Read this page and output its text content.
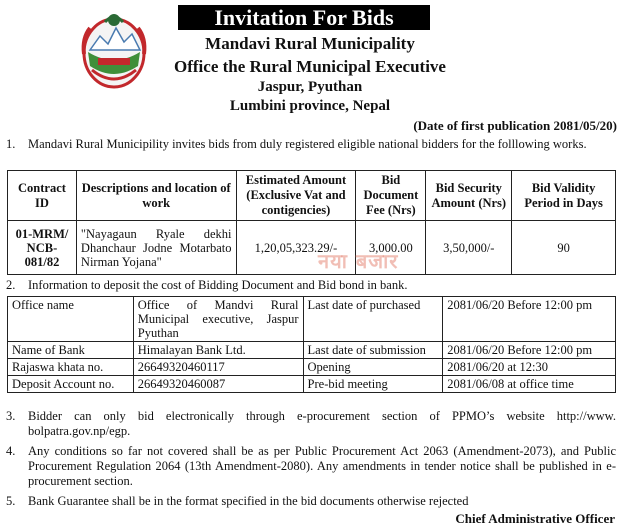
Invitation For Bids
Mandavi Rural Municipality
Office the Rural Municipal Executive
Jaspur, Pyuthan
Lumbini province, Nepal
(Date of first publication 2081/05/20)
1. Mandavi Rural Municipility invites bids from duly registered eligible national bidders for the folllowing works.
Contract ID	Descriptions and location of work	Estimated Amount (Exclusive Vat and contigencies)	Bid Document Fee (Nrs)	Bid Security Amount (Nrs)	Bid Validity Period in Days
01-MRM/ NCB-081/82	"Nayagaun Ryale dekhi Dhanchaur Jodne Motarbato Nirman Yojana"	1,20,05,323.29/-	3,000.00	3,50,000/-	90
नया बजार
2. Information to deposit the cost of Bidding Document and Bid bond in bank.
Office name	Office of Mandvi Rural Municipal executive, Jaspur Pyuthan	Last date of purchased	2081/06/20 Before 12:00 pm
Name of Bank	Himalayan Bank Ltd.	Last date of submission	2081/06/20 Before 12:00 pm
Rajaswa khata no.	26649320460117	Opening	2081/06/20 at 12:30
Deposit Account no.	26649320460087	Pre-bid meeting	2081/06/08 at office time
3. Bidder can only bid electronically through e-procurement section of PPMO’s website http://www. bolpatra.gov.np/egp.
4. Any conditions so far not covered shall be as per Public Procurement Act 2063 (Amendment-2073), and Public Procurement Regulation 2064 (13th Amendment-2080). Any amendments in tender notice shall be published in e-procurement section.
5. Bank Guarantee shall be in the format specified in the bid documents otherwise rejected
Chief Administrative Officer
